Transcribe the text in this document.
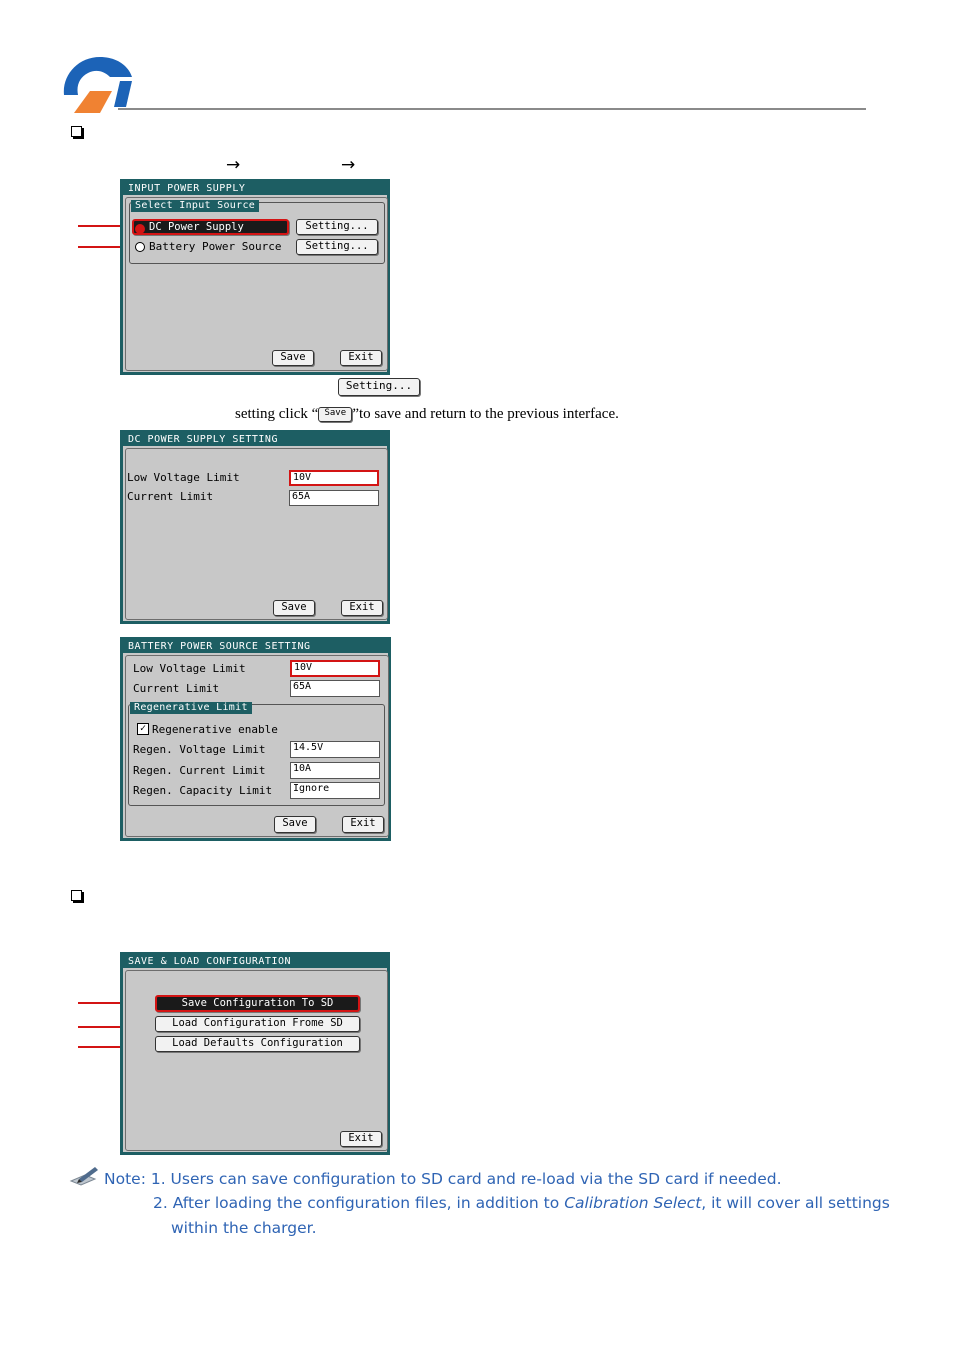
→	→
INPUT POWER SUPPLY
Select Input Source
DC Power Supply	Setting...
Battery Power Source	Setting...
Save	Exit
Setting...
setting click “ Save ”to save and return to the previous interface.
DC POWER SUPPLY SETTING
Low Voltage Limit	10V
Current Limit	65A
Save	Exit
BATTERY POWER SOURCE SETTING
Low Voltage Limit	10V
Current Limit	65A
Regenerative Limit
✓ Regenerative enable
Regen. Voltage Limit	14.5V
Regen. Current Limit	10A
Regen. Capacity Limit	Ignore
Save	Exit
SAVE & LOAD CONFIGURATION
Save Configuration To SD
Load Configuration Frome SD
Load Defaults Configuration
Exit
Note: 1. Users can save configuration to SD card and re-load via the SD card if needed.
2. After loading the configuration files, in addition to Calibration Select, it will cover all settings
within the charger.
